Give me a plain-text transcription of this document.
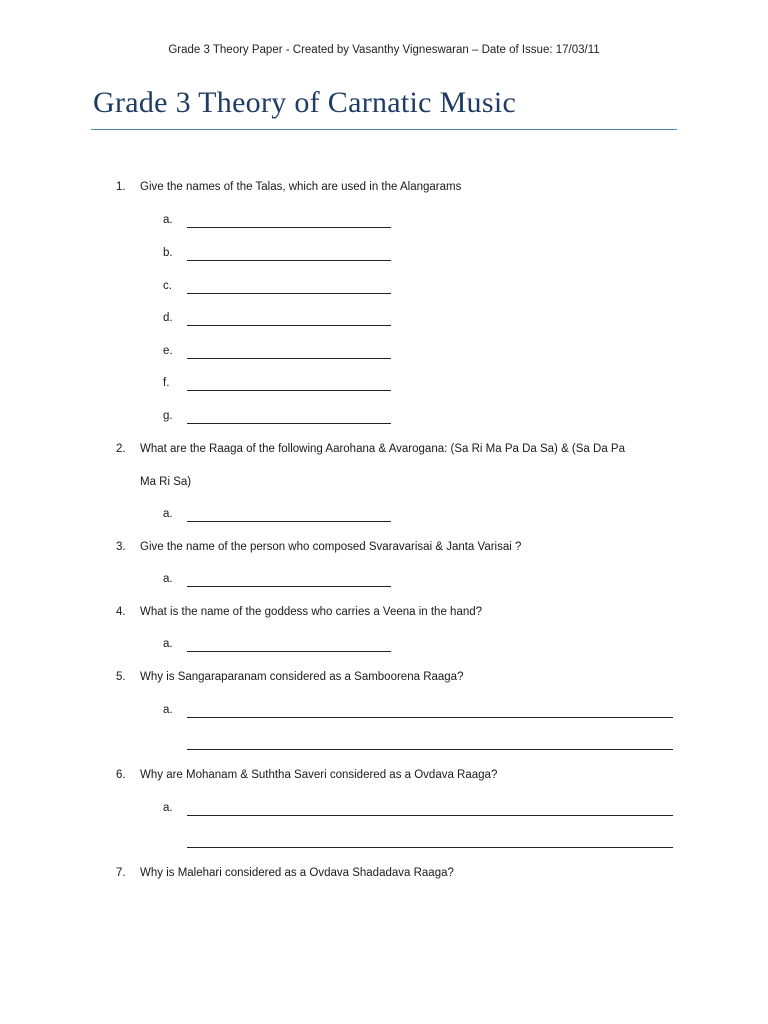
Grade 3 Theory Paper - Created by Vasanthy Vigneswaran – Date of Issue: 17/03/11
Grade 3 Theory of Carnatic Music
1. Give the names of the Talas, which are used in the Alangarams
a.
b.
c.
d.
e.
f.
g.
2. What are the Raaga of the following Aarohana & Avarogana: (Sa Ri Ma Pa Da Sa) & (Sa Da Pa
Ma Ri Sa)
a.
3. Give the name of the person who composed Svaravarisai & Janta Varisai ?
a.
4. What is the name of the goddess who carries a Veena in the hand?
a.
5. Why is Sangaraparanam considered as a Samboorena Raaga?
a.
6. Why are Mohanam & Suththa Saveri considered as a Ovdava Raaga?
a.
7. Why is Malehari considered as a Ovdava Shadadava Raaga?
